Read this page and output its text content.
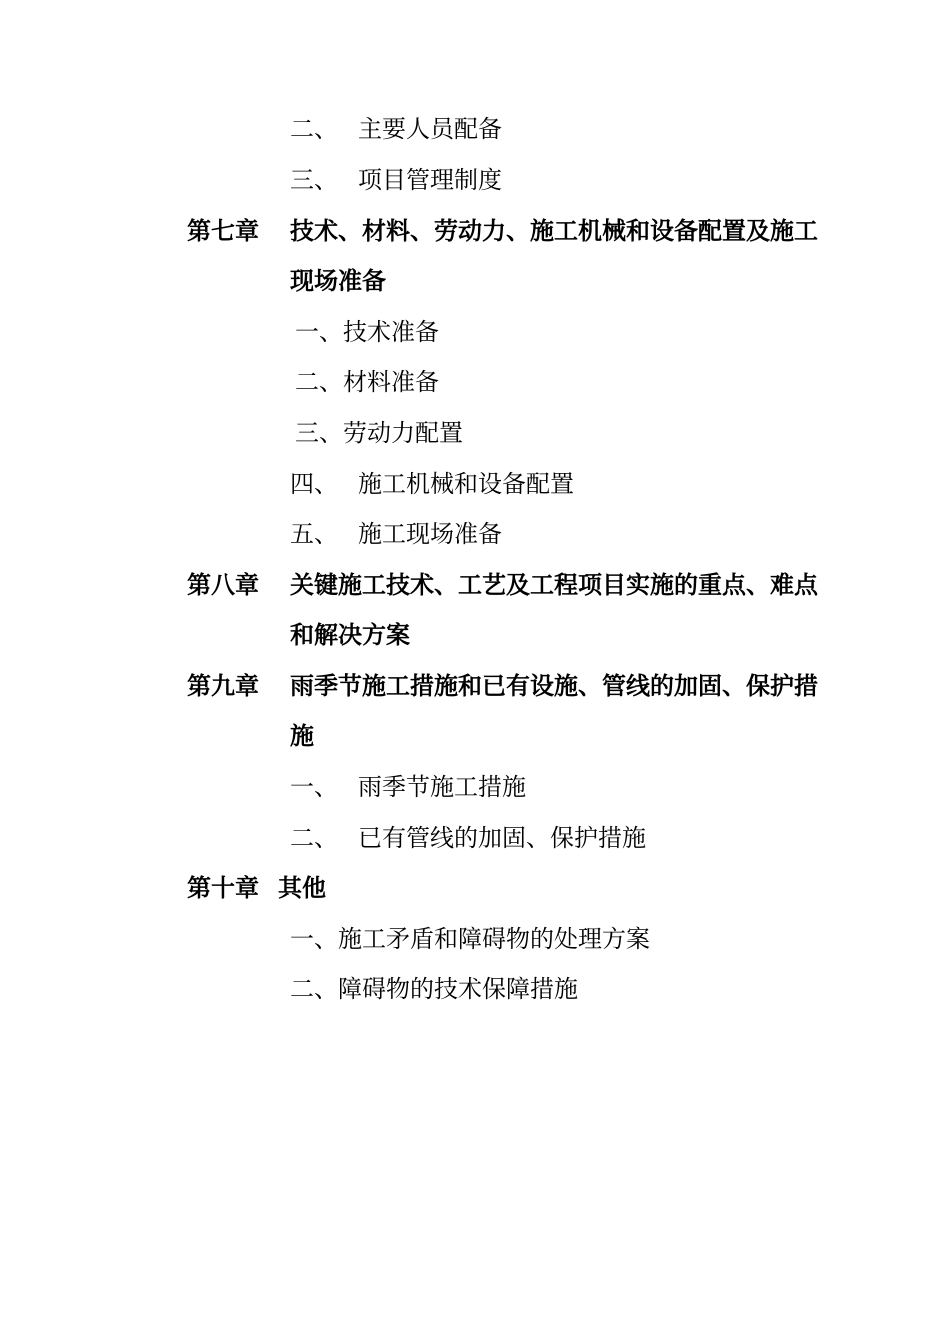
二、 主要人员配备
三、 项目管理制度
第七章 技术、材料、劳动力、施工机械和设备配置及施工
现场准备
一、技术准备
二、材料准备
三、劳动力配置
四、 施工机械和设备配置
五、 施工现场准备
第八章 关键施工技术、工艺及工程项目实施的重点、难点
和解决方案
第九章 雨季节施工措施和已有设施、管线的加固、保护措
施
一、 雨季节施工措施
二、 已有管线的加固、保护措施
第十章 其他
一、施工矛盾和障碍物的处理方案
二、障碍物的技术保障措施
